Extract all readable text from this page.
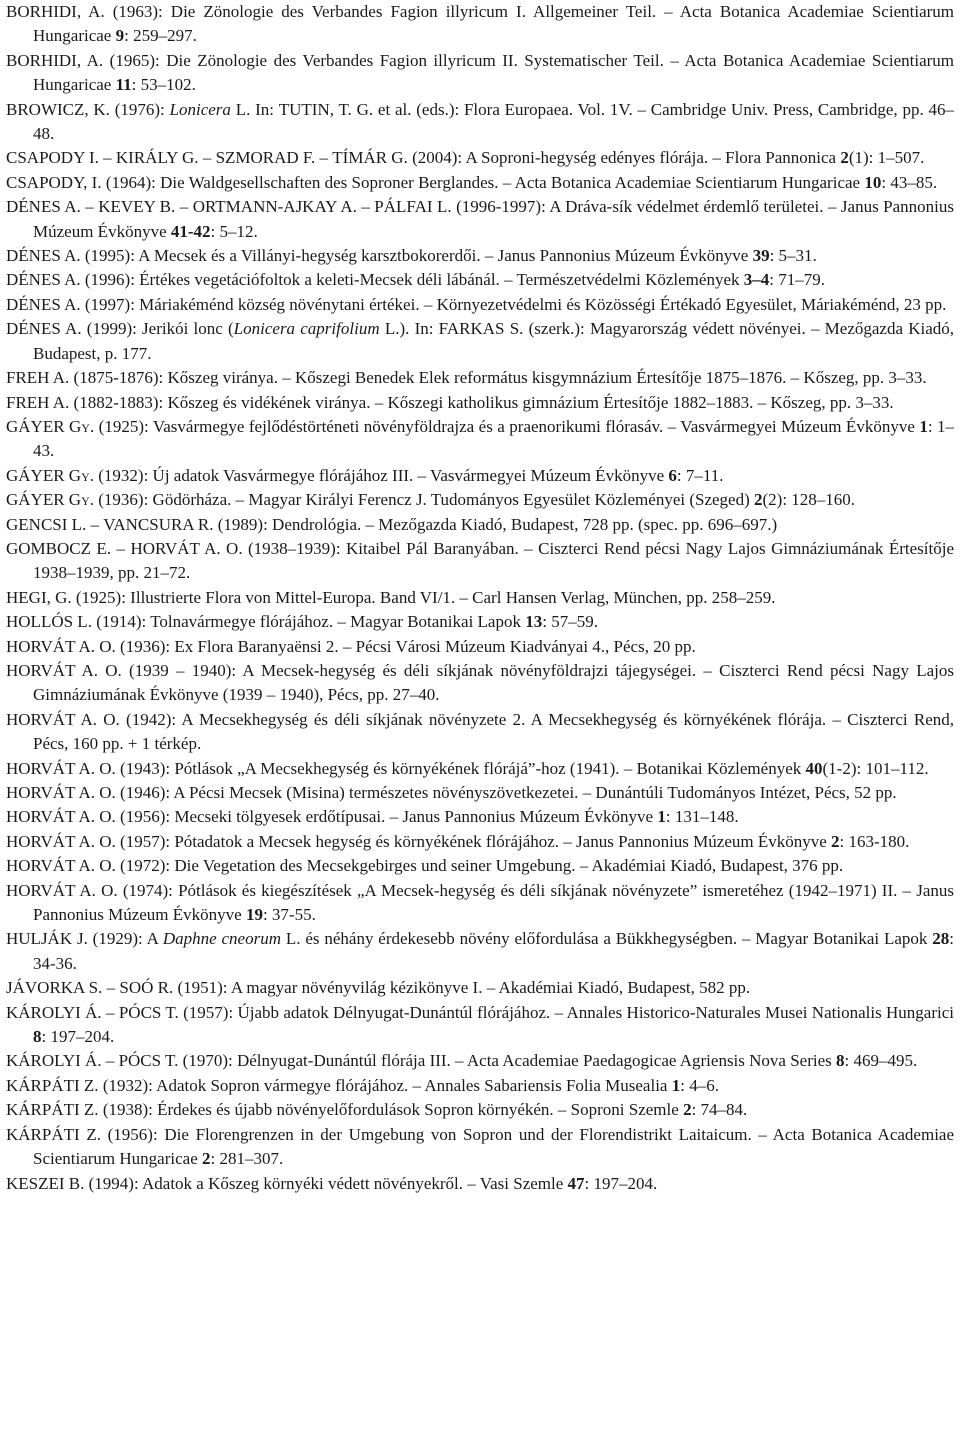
BORHIDI, A. (1963): Die Zönologie des Verbandes Fagion illyricum I. Allgemeiner Teil. – Acta Botanica Academiae Scientiarum Hungaricae 9: 259–297.

BORHIDI, A. (1965): Die Zönologie des Verbandes Fagion illyricum II. Systematischer Teil. – Acta Botanica Academiae Scientiarum Hungaricae 11: 53–102.

BROWICZ, K. (1976): Lonicera L. In: TUTIN, T. G. et al. (eds.): Flora Europaea. Vol. 1V. – Cambridge Univ. Press, Cambridge, pp. 46–48.

CSAPODY I. – KIRÁLY G. – SZMORAD F. – TÍMÁR G. (2004): A Soproni-hegység edényes flórája. – Flora Pannonica 2(1): 1–507.

CSAPODY, I. (1964): Die Waldgesellschaften des Soproner Berglandes. – Acta Botanica Academiae Scientiarum Hungaricae 10: 43–85.

DÉNES A. – KEVEY B. – ORTMANN-AJKAY A. – PÁLFAI L. (1996-1997): A Dráva-sík védelmet érdemlő területei. – Janus Pannonius Múzeum Évkönyve 41-42: 5–12.

DÉNES A. (1995): A Mecsek és a Villányi-hegység karsztbokorerdői. – Janus Pannonius Múzeum Évkönyve 39: 5–31.

DÉNES A. (1996): Értékes vegetációfoltok a keleti-Mecsek déli lábánál. – Természetvédelmi Közlemények 3–4: 71–79.

DÉNES A. (1997): Máriakéménd község növénytani értékei. – Környezetvédelmi és Közösségi Értékadó Egyesület, Máriakéménd, 23 pp.

DÉNES A. (1999): Jerikói lonc (Lonicera caprifolium L.). In: FARKAS S. (szerk.): Magyarország védett növényei. – Mezőgazda Kiadó, Budapest, p. 177.

FREH A. (1875-1876): Kőszeg viránya. – Kőszegi Benedek Elek református kisgymnázium Értesítője 1875–1876. – Kőszeg, pp. 3–33.

FREH A. (1882-1883): Kőszeg és vidékének viránya. – Kőszegi katholikus gimnázium Értesítője 1882–1883. – Kőszeg, pp. 3–33.

GÁYER Gy. (1925): Vasvármegye fejlődéstörténeti növényföldrajza és a praenorikumi flórasáv. – Vasvármegyei Múzeum Évkönyve 1: 1–43.

GÁYER Gy. (1932): Új adatok Vasvármegye flórájához III. – Vasvármegyei Múzeum Évkönyve 6: 7–11.

GÁYER Gy. (1936): Gödörháza. – Magyar Királyi Ferencz J. Tudományos Egyesület Közleményei (Szeged) 2(2): 128–160.

GENCSI L. – VANCSURA R. (1989): Dendrológia. – Mezőgazda Kiadó, Budapest, 728 pp. (spec. pp. 696–697.)

GOMBOCZ E. – HORVÁT A. O. (1938–1939): Kitaibel Pál Baranyában. – Ciszterci Rend pécsi Nagy Lajos Gimnáziumának Értesítője 1938–1939, pp. 21–72.

HEGI, G. (1925): Illustrierte Flora von Mittel-Europa. Band VI/1. – Carl Hansen Verlag, München, pp. 258–259.

HOLLÓS L. (1914): Tolnavármegye flórájához. – Magyar Botanikai Lapok 13: 57–59.

HORVÁT A. O. (1936): Ex Flora Baranyaënsi 2. – Pécsi Városi Múzeum Kiadványai 4., Pécs, 20 pp.

HORVÁT A. O. (1939 – 1940): A Mecsek-hegység és déli síkjának növényföldrajzi tájegységei. – Ciszterci Rend pécsi Nagy Lajos Gimnáziumának Évkönyve (1939 – 1940), Pécs, pp. 27–40.

HORVÁT A. O. (1942): A Mecsekhegység és déli síkjának növényzete 2. A Mecsekhegység és környékének flórája. – Ciszterci Rend, Pécs, 160 pp. + 1 térkép.

HORVÁT A. O. (1943): Pótlások „A Mecsekhegység és környékének flórájá”-hoz (1941). – Botanikai Közlemények 40(1-2): 101–112.

HORVÁT A. O. (1946): A Pécsi Mecsek (Misina) természetes növényszövetkezetei. – Dunántúli Tudományos Intézet, Pécs, 52 pp.

HORVÁT A. O. (1956): Mecseki tölgyesek erdőtípusai. – Janus Pannonius Múzeum Évkönyve 1: 131–148.

HORVÁT A. O. (1957): Pótadatok a Mecsek hegység és környékének flórájához. – Janus Pannonius Múzeum Évkönyve 2: 163-180.

HORVÁT A. O. (1972): Die Vegetation des Mecsekgebirges und seiner Umgebung. – Akadémiai Kiadó, Budapest, 376 pp.

HORVÁT A. O. (1974): Pótlások és kiegészítések „A Mecsek-hegység és déli síkjának növényzete” ismeretéhez (1942–1971) II. – Janus Pannonius Múzeum Évkönyve 19: 37-55.

HULJÁK J. (1929): A Daphne cneorum L. és néhány érdekesebb növény előfordulása a Bükkhegységben. – Magyar Botanikai Lapok 28: 34-36.

JÁVORKA S. – SOÓ R. (1951): A magyar növényvilág kézikönyve I. – Akadémiai Kiadó, Budapest, 582 pp.

KÁROLYI Á. – PÓCS T. (1957): Újabb adatok Délnyugat-Dunántúl flórájához. – Annales Historico-Naturales Musei Nationalis Hungarici 8: 197–204.

KÁROLYI Á. – PÓCS T. (1970): Délnyugat-Dunántúl flórája III. – Acta Academiae Paedagogicae Agriensis Nova Series 8: 469–495.

KÁRPÁTI Z. (1932): Adatok Sopron vármegye flórájához. – Annales Sabariensis Folia Musealia 1: 4–6.

KÁRPÁTI Z. (1938): Érdekes és újabb növényelőfordulások Sopron környékén. – Soproni Szemle 2: 74–84.

KÁRPÁTI Z. (1956): Die Florengrenzen in der Umgebung von Sopron und der Florendistrikt Laitaicum. – Acta Botanica Academiae Scientiarum Hungaricae 2: 281–307.

KESZEI B. (1994): Adatok a Kőszeg környéki védett növényekről. – Vasi Szemle 47: 197–204.
